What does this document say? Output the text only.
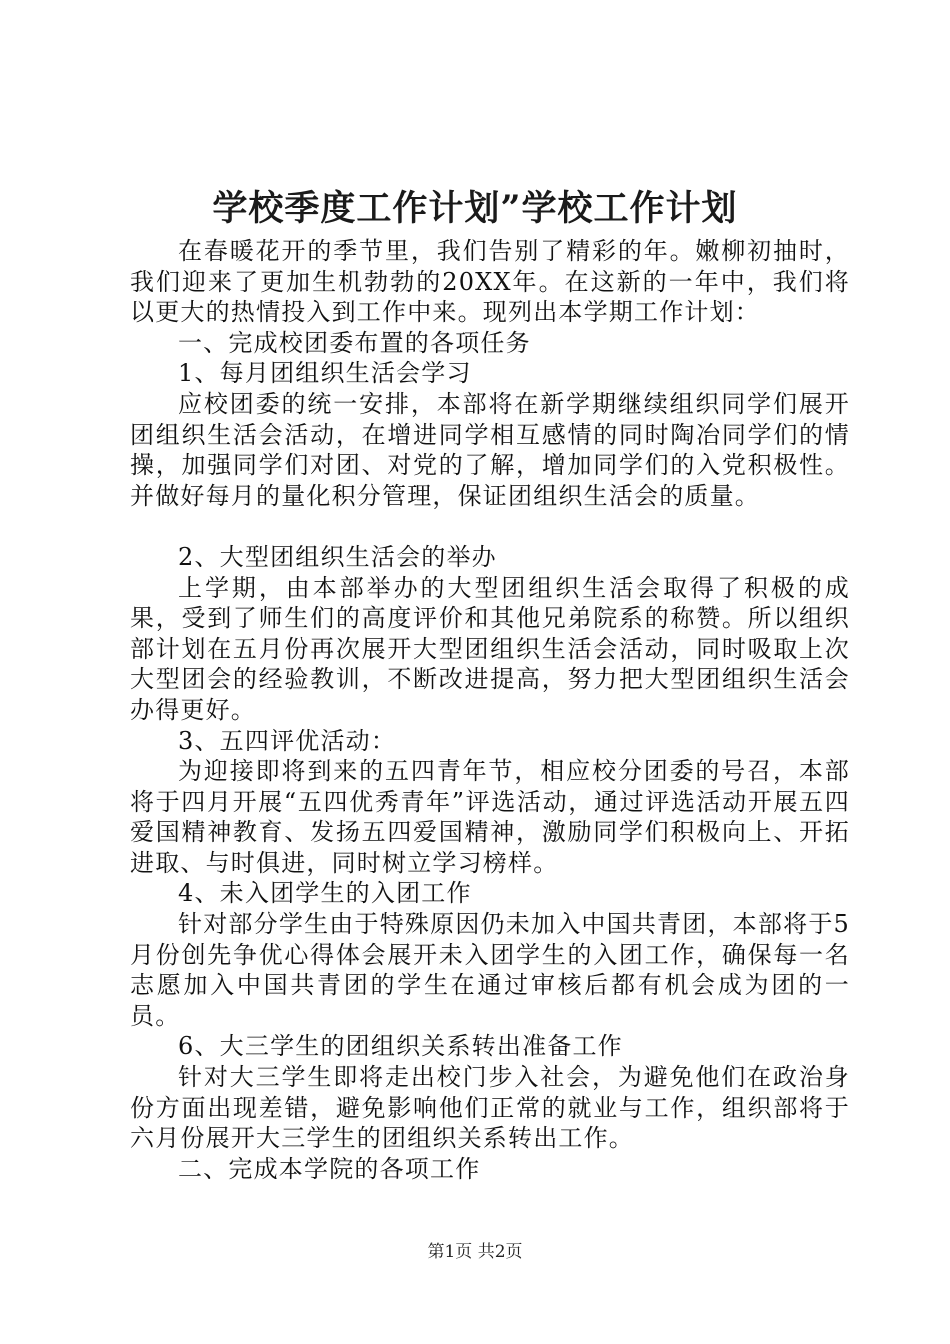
学校季度工作计划”学校工作计划

在春暖花开的季节里，我们告别了精彩的年。嫩柳初抽时，我们迎来了更加生机勃勃的20XX年。在这新的一年中，我们将以更大的热情投入到工作中来。现列出本学期工作计划：

一、完成校团委布置的各项任务

1、每月团组织生活会学习

应校团委的统一安排，本部将在新学期继续组织同学们展开团组织生活会活动，在增进同学相互感情的同时陶冶同学们的情操，加强同学们对团、对党的了解，增加同学们的入党积极性。并做好每月的量化积分管理，保证团组织生活会的质量。

2、大型团组织生活会的举办

上学期，由本部举办的大型团组织生活会取得了积极的成果，受到了师生们的高度评价和其他兄弟院系的称赞。所以组织部计划在五月份再次展开大型团组织生活会活动，同时吸取上次大型团会的经验教训，不断改进提高，努力把大型团组织生活会办得更好。

3、五四评优活动：

为迎接即将到来的五四青年节，相应校分团委的号召，本部将于四月开展“五四优秀青年”评选活动，通过评选活动开展五四爱国精神教育、发扬五四爱国精神，激励同学们积极向上、开拓进取、与时俱进，同时树立学习榜样。

4、未入团学生的入团工作

针对部分学生由于特殊原因仍未加入中国共青团，本部将于5月份创先争优心得体会展开未入团学生的入团工作，确保每一名志愿加入中国共青团的学生在通过审核后都有机会成为团的一员。

6、大三学生的团组织关系转出准备工作

针对大三学生即将走出校门步入社会，为避免他们在政治身份方面出现差错，避免影响他们正常的就业与工作，组织部将于六月份展开大三学生的团组织关系转出工作。

二、完成本学院的各项工作

第1页 共2页
